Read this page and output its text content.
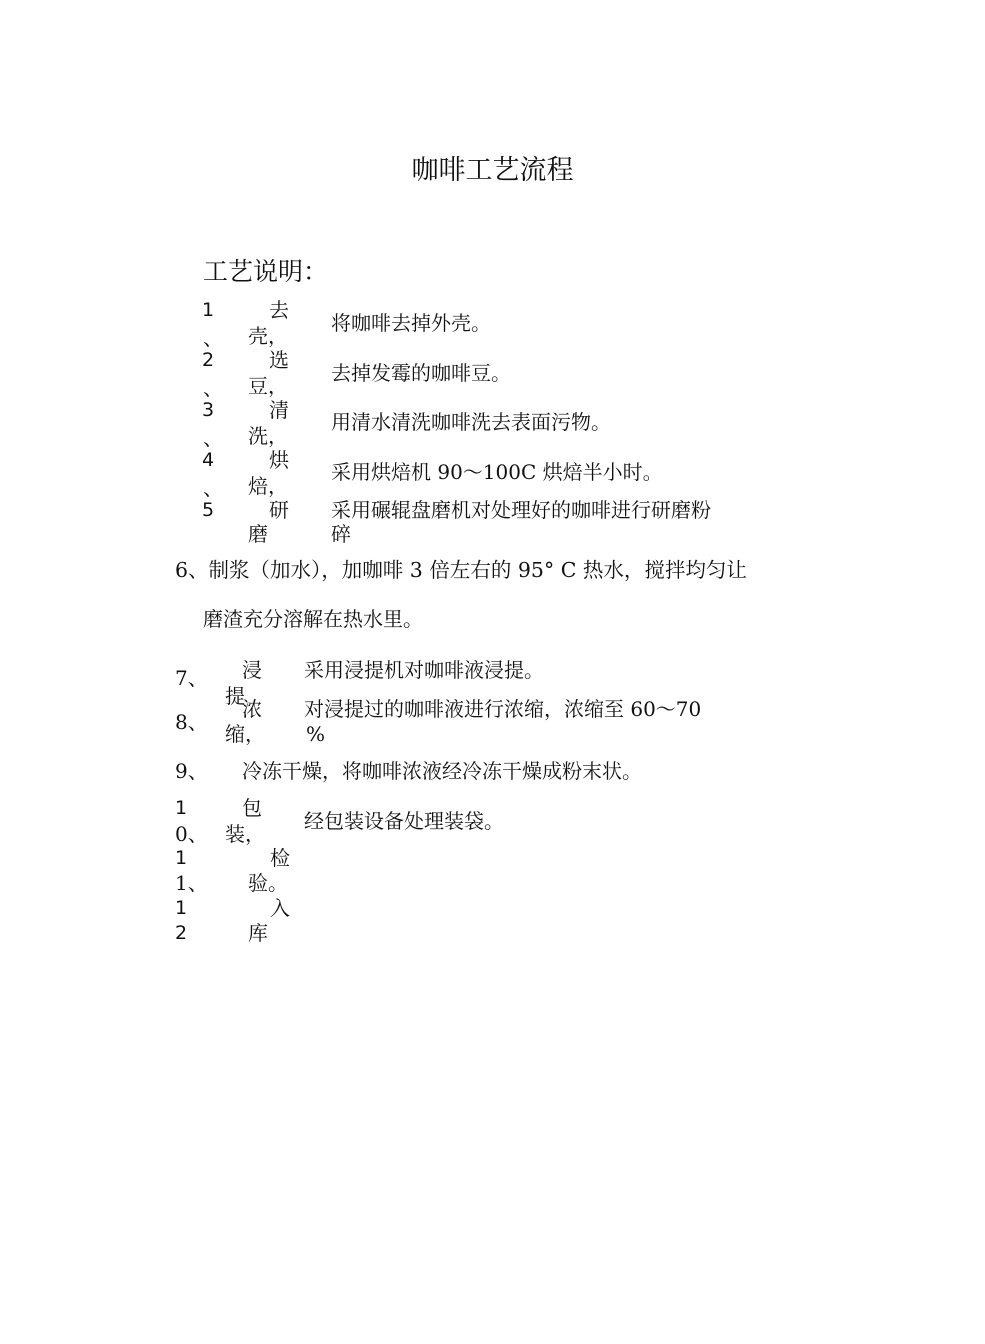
咖啡工艺流程
工艺说明：
1
、
去
壳，
将咖啡去掉外壳。
2
、
选
豆，
去掉发霉的咖啡豆。
3
、
清
洗，
用清水清洗咖啡洗去表面污物。
4
、
烘
焙，
采用烘焙机 90〜100C 烘焙半小时。
5	研
磨
采用碾辊盘磨机对处理好的咖啡进行研磨粉
碎
6、制浆（加水），加咖啡 3 倍左右的 95° C 热水，搅拌均匀让
磨渣充分溶解在热水里。
7、 浸
提
采用浸提机对咖啡液浸提。
8、
浓
缩，
对浸提过的咖啡液进行浓缩，浓缩至 60〜70
%
9、 冷冻干燥，将咖啡浓液经冷冻干燥成粉末状。
1
0、
包
装，
经包装设备处理装袋。
1
1、
检
验。
1
2
入
库
